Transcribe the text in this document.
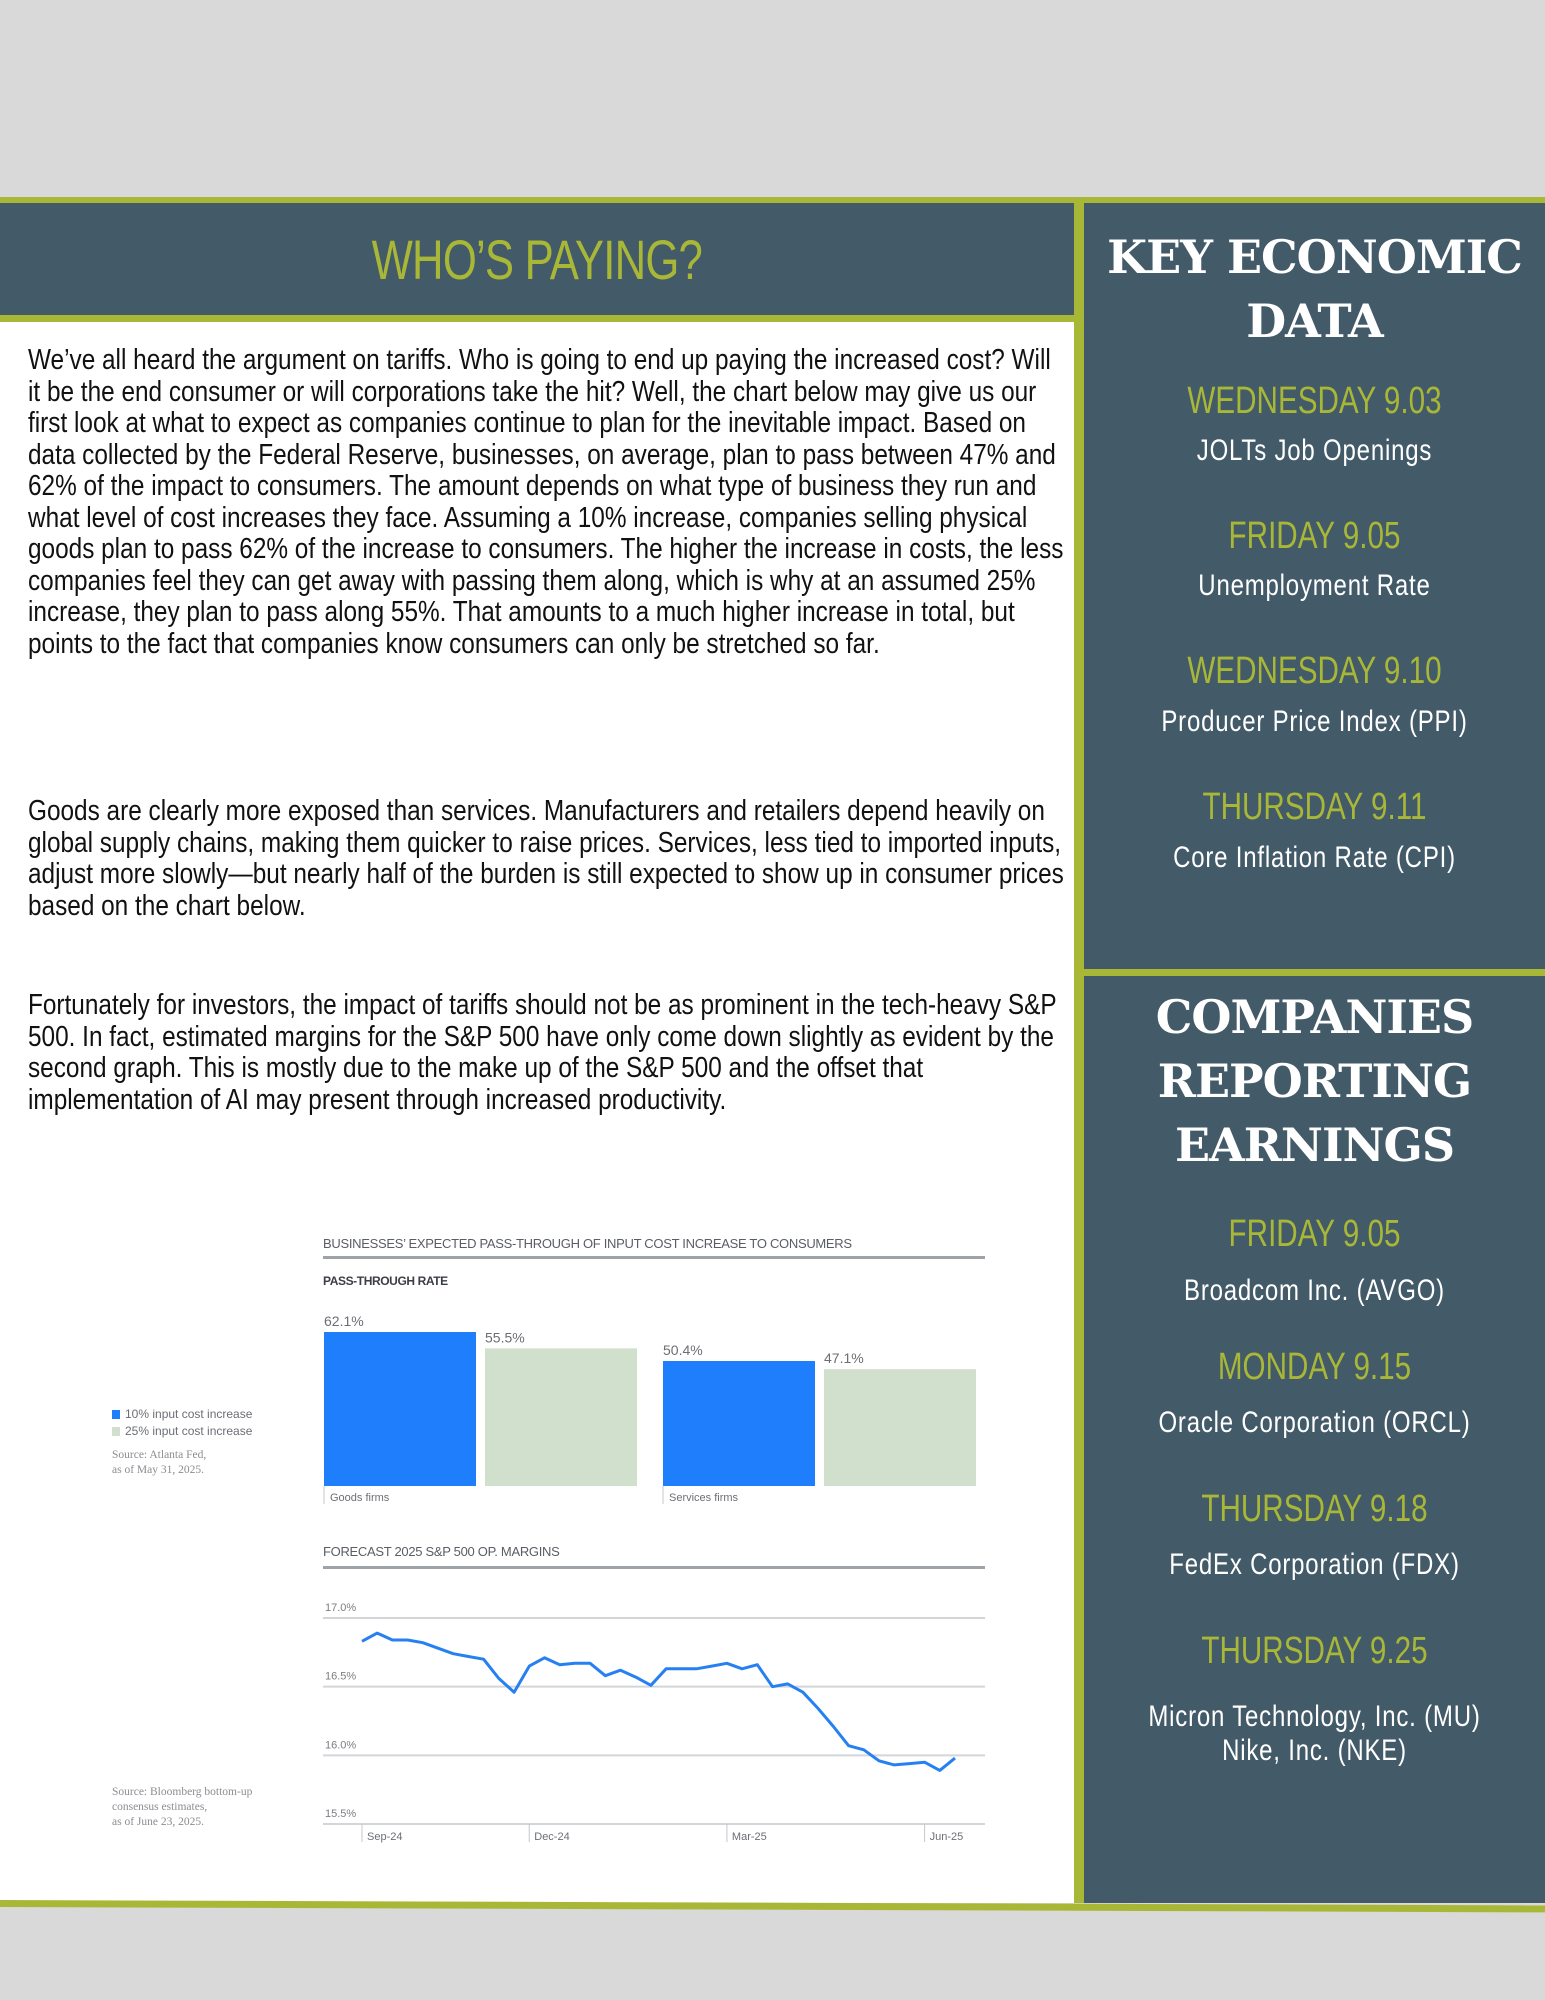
WHO’S PAYING?

We’ve all heard the argument on tariffs. Who is going to end up paying the increased cost? Will it be the end consumer or will corporations take the hit? Well, the chart below may give us our first look at what to expect as companies continue to plan for the inevitable impact. Based on data collected by the Federal Reserve, businesses, on average, plan to pass between 47% and 62% of the impact to consumers. The amount depends on what type of business they run and what level of cost increases they face. Assuming a 10% increase, companies selling physical goods plan to pass 62% of the increase to consumers. The higher the increase in costs, the less companies feel they can get away with passing them along, which is why at an assumed 25% increase, they plan to pass along 55%. That amounts to a much higher increase in total, but points to the fact that companies know consumers can only be stretched so far.

Goods are clearly more exposed than services. Manufacturers and retailers depend heavily on global supply chains, making them quicker to raise prices. Services, less tied to imported inputs, adjust more slowly—but nearly half of the burden is still expected to show up in consumer prices based on the chart below.

Fortunately for investors, the impact of tariffs should not be as prominent in the tech-heavy S&P 500. In fact, estimated margins for the S&P 500 have only come down slightly as evident by the second graph. This is mostly due to the make up of the S&P 500 and the offset that implementation of AI may present through increased productivity.

KEY ECONOMIC
DATA
WEDNESDAY 9.03
JOLTs Job Openings
FRIDAY 9.05
Unemployment Rate
WEDNESDAY 9.10
Producer Price Index (PPI)
THURSDAY 9.11
Core Inflation Rate (CPI)
COMPANIES
REPORTING
EARNINGS
FRIDAY 9.05
Broadcom Inc. (AVGO)
MONDAY 9.15
Oracle Corporation (ORCL)
THURSDAY 9.18
FedEx Corporation (FDX)
THURSDAY 9.25
Micron Technology, Inc. (MU)
Nike, Inc. (NKE)
BUSINESSES’ EXPECTED PASS-THROUGH OF INPUT COST INCREASE TO CONSUMERS
PASS-THROUGH RATE
10% input cost increase
25% input cost increase
Source: Atlanta Fed,
as of May 31, 2025.
62.1%
55.5%
Goods firms
50.4%
47.1%
Services firms
FORECAST 2025 S&P 500 OP. MARGINS
Source: Bloomberg bottom-up
consensus estimates,
as of June 23, 2025.
17.0%
16.5%
16.0%
15.5%
Sep-24	Dec-24	Mar-25	Jun-25
